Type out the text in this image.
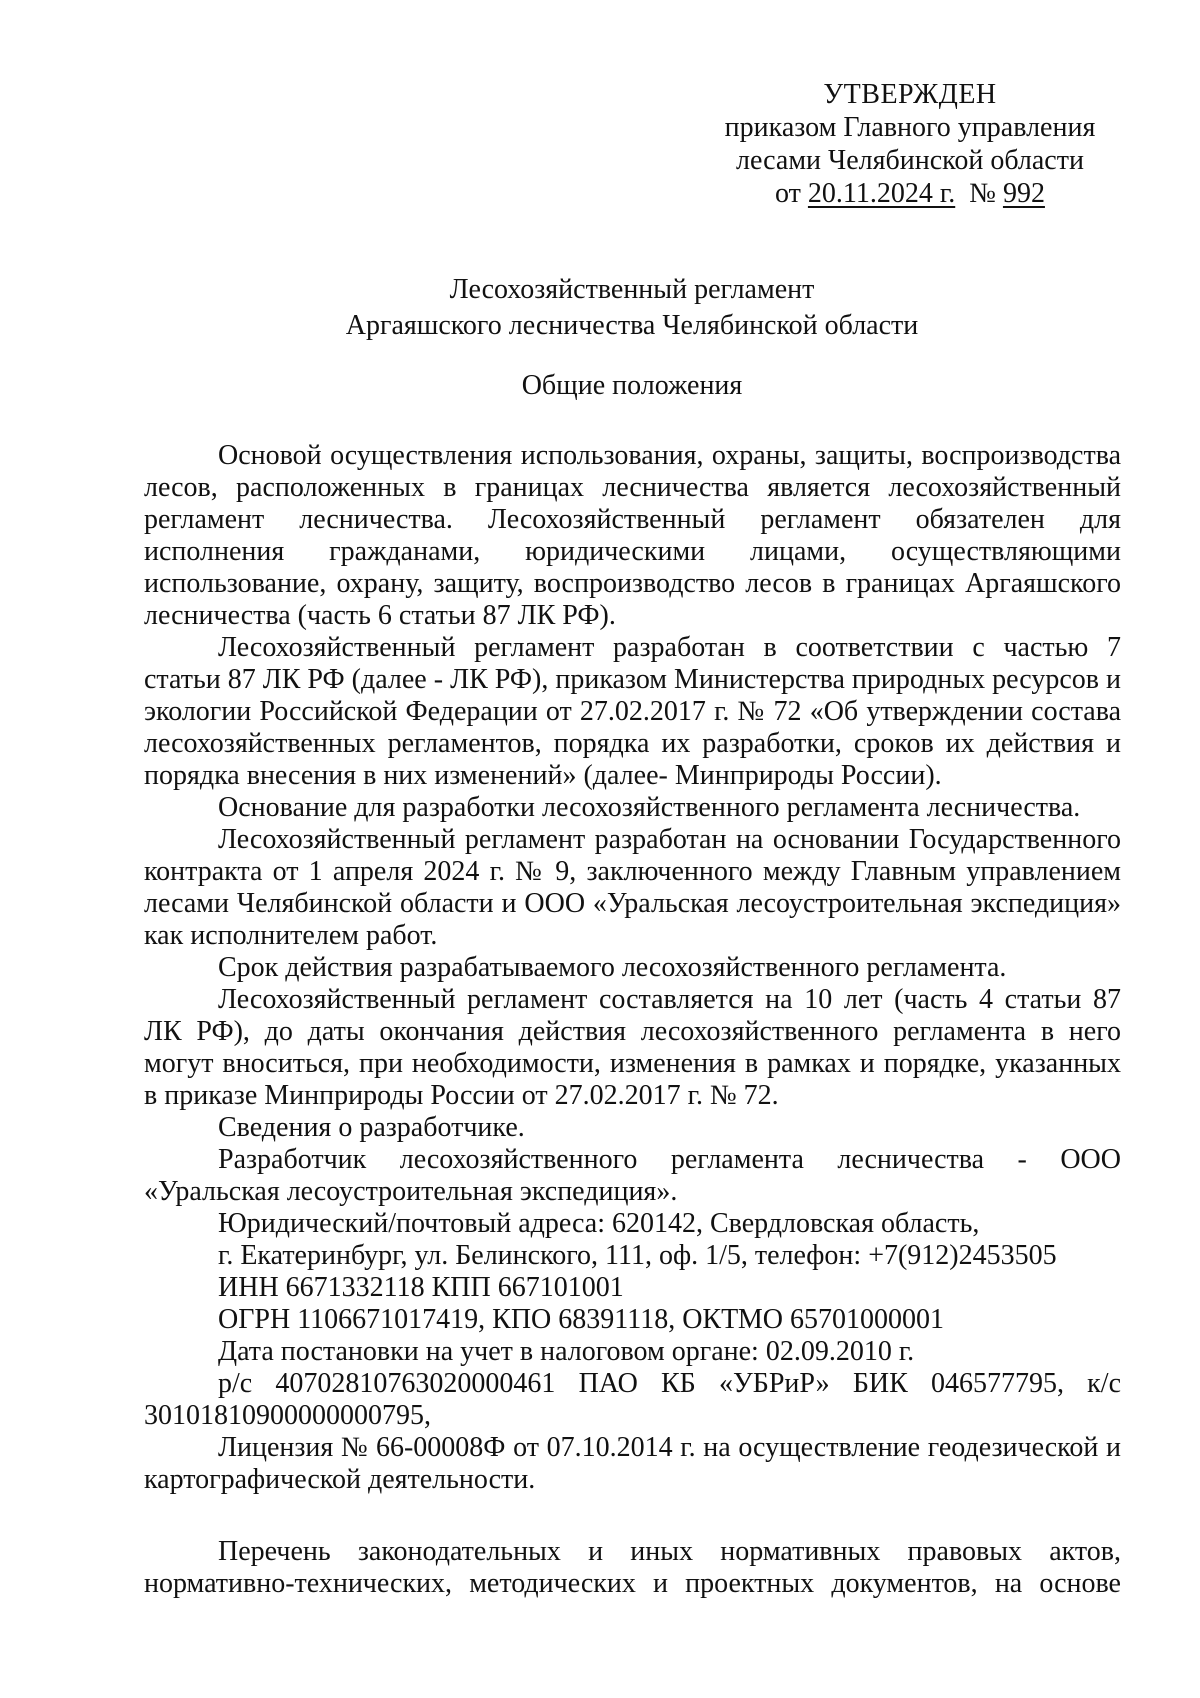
УТВЕРЖДЕН
приказом Главного управления
лесами Челябинской области
от 20.11.2024 г. № 992
Лесохозяйственный регламент
Аргаяшского лесничества Челябинской области
Общие положения

Основой осуществления использования, охраны, защиты, воспроизводства лесов, расположенных в границах лесничества является лесохозяйственный регламент лесничества. Лесохозяйственный регламент обязателен для исполнения гражданами, юридическими лицами, осуществляющими использование, охрану, защиту, воспроизводство лесов в границах Аргаяшского лесничества (часть 6 статьи 87 ЛК РФ).

Лесохозяйственный регламент разработан в соответствии с частью 7 статьи 87 ЛК РФ (далее - ЛК РФ), приказом Министерства природных ресурсов и экологии Российской Федерации от 27.02.2017 г. № 72 «Об утверждении состава лесохозяйственных регламентов, порядка их разработки, сроков их действия и порядка внесения в них изменений» (далее- Минприроды России).

Основание для разработки лесохозяйственного регламента лесничества.

Лесохозяйственный регламент разработан на основании Государственного контракта от 1 апреля 2024 г. № 9, заключенного между Главным управлением лесами Челябинской области и ООО «Уральская лесоустроительная экспедиция» как исполнителем работ.

Срок действия разрабатываемого лесохозяйственного регламента.

Лесохозяйственный регламент составляется на 10 лет (часть 4 статьи 87 ЛК РФ), до даты окончания действия лесохозяйственного регламента в него могут вноситься, при необходимости, изменения в рамках и порядке, указанных в приказе Минприроды России от 27.02.2017 г. № 72.

Сведения о разработчике.

Разработчик лесохозяйственного регламента лесничества - ООО «Уральская лесоустроительная экспедиция».

Юридический/почтовый адреса: 620142, Свердловская область,

г. Екатеринбург, ул. Белинского, 111, оф. 1/5, телефон: +7(912)2453505

ИНН 6671332118 КПП 667101001

ОГРН 1106671017419, КПО 68391118, ОКТМО 65701000001

Дата постановки на учет в налоговом органе: 02.09.2010 г.

р/с 40702810763020000461 ПАО КБ «УБРиР» БИК 046577795, к/с 30101810900000000795,

Лицензия № 66-00008Ф от 07.10.2014 г. на осуществление геодезической и картографической деятельности.

Перечень законодательных и иных нормативных правовых актов, нормативно-технических, методических и проектных документов, на основе
